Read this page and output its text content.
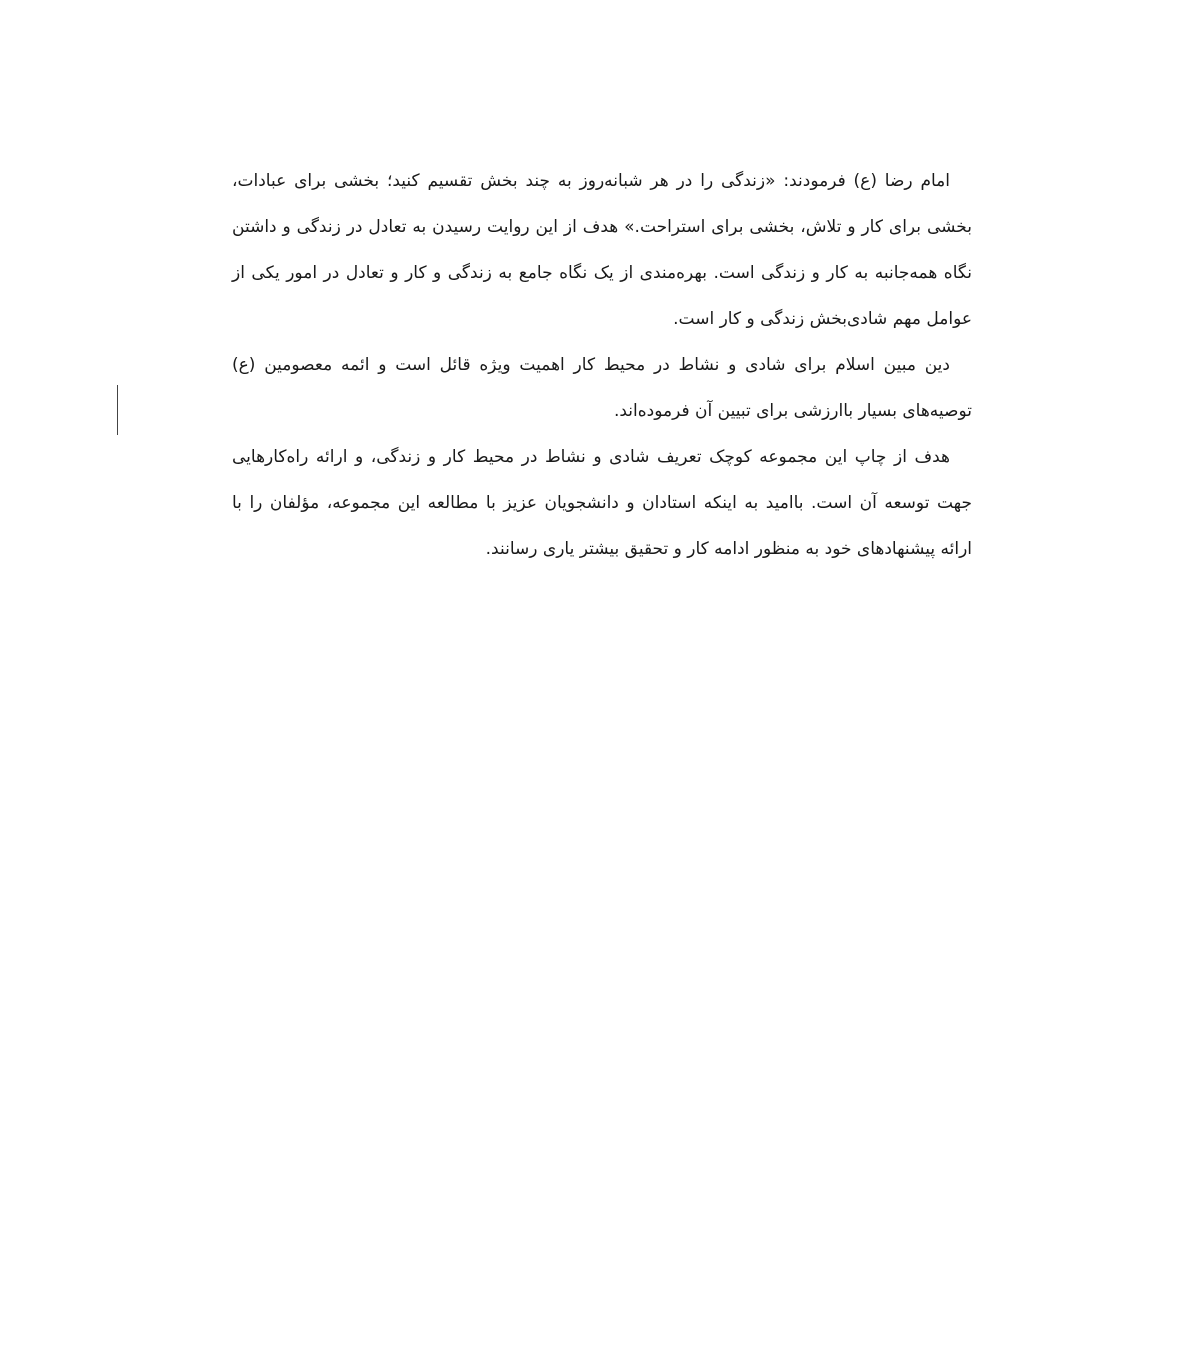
امام رضا (ع) فرمودند: «زندگی را در هر شبانه‌روز به چند بخش تقسیم کنید؛ بخشی برای عبادات، بخشی برای کار و تلاش، بخشی برای استراحت.» هدف از این روایت رسیدن به تعادل در زندگی و داشتن نگاه همه‌جانبه به کار و زندگی است. بهره‌مندی از یک نگاه جامع به زندگی و کار و تعادل در امور یکی از عوامل مهم شادی‌بخش زندگی و کار است.

دین مبین اسلام برای شادی و نشاط در محیط کار اهمیت ویژه قائل است و ائمه معصومین (ع) توصیه‌های بسیار باارزشی برای تبیین آن فرموده‌اند.

هدف از چاپ این مجموعه کوچک تعریف شادی و نشاط در محیط کار و زندگی، و ارائه راه‌کارهایی جهت توسعه آن است. باامید به اینکه استادان و دانشجویان عزیز با مطالعه این مجموعه، مؤلفان را با ارائه پیشنهادهای خود به منظور ادامه کار و تحقیق بیشتر یاری رسانند.
